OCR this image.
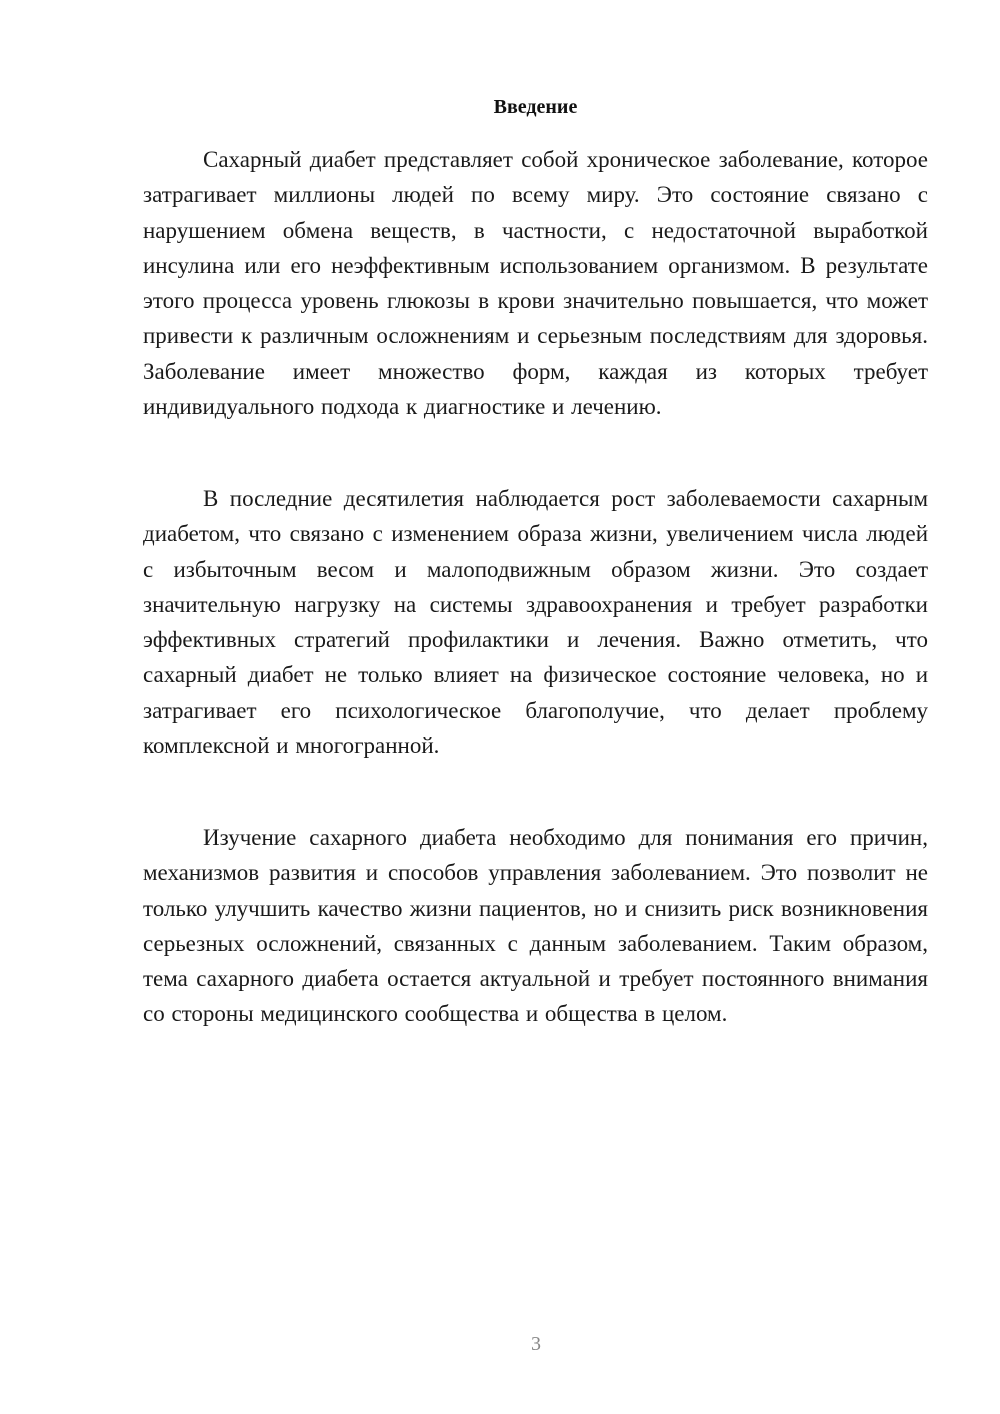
Введение

Сахарный диабет представляет собой хроническое заболевание, которое затрагивает миллионы людей по всему миру. Это состояние связано с нарушением обмена веществ, в частности, с недостаточной выработкой инсулина или его неэффективным использованием организмом. В результате этого процесса уровень глюкозы в крови значительно повышается, что может привести к различным осложнениям и серьезным последствиям для здоровья. Заболевание имеет множество форм, каждая из которых требует индивидуального подхода к диагностике и лечению.

В последние десятилетия наблюдается рост заболеваемости сахарным диабетом, что связано с изменением образа жизни, увеличением числа людей с избыточным весом и малоподвижным образом жизни. Это создает значительную нагрузку на системы здравоохранения и требует разработки эффективных стратегий профилактики и лечения. Важно отметить, что сахарный диабет не только влияет на физическое состояние человека, но и затрагивает его психологическое благополучие, что делает проблему комплексной и многогранной.

Изучение сахарного диабета необходимо для понимания его причин, механизмов развития и способов управления заболеванием. Это позволит не только улучшить качество жизни пациентов, но и снизить риск возникновения серьезных осложнений, связанных с данным заболеванием. Таким образом, тема сахарного диабета остается актуальной и требует постоянного внимания со стороны медицинского сообщества и общества в целом.

3
